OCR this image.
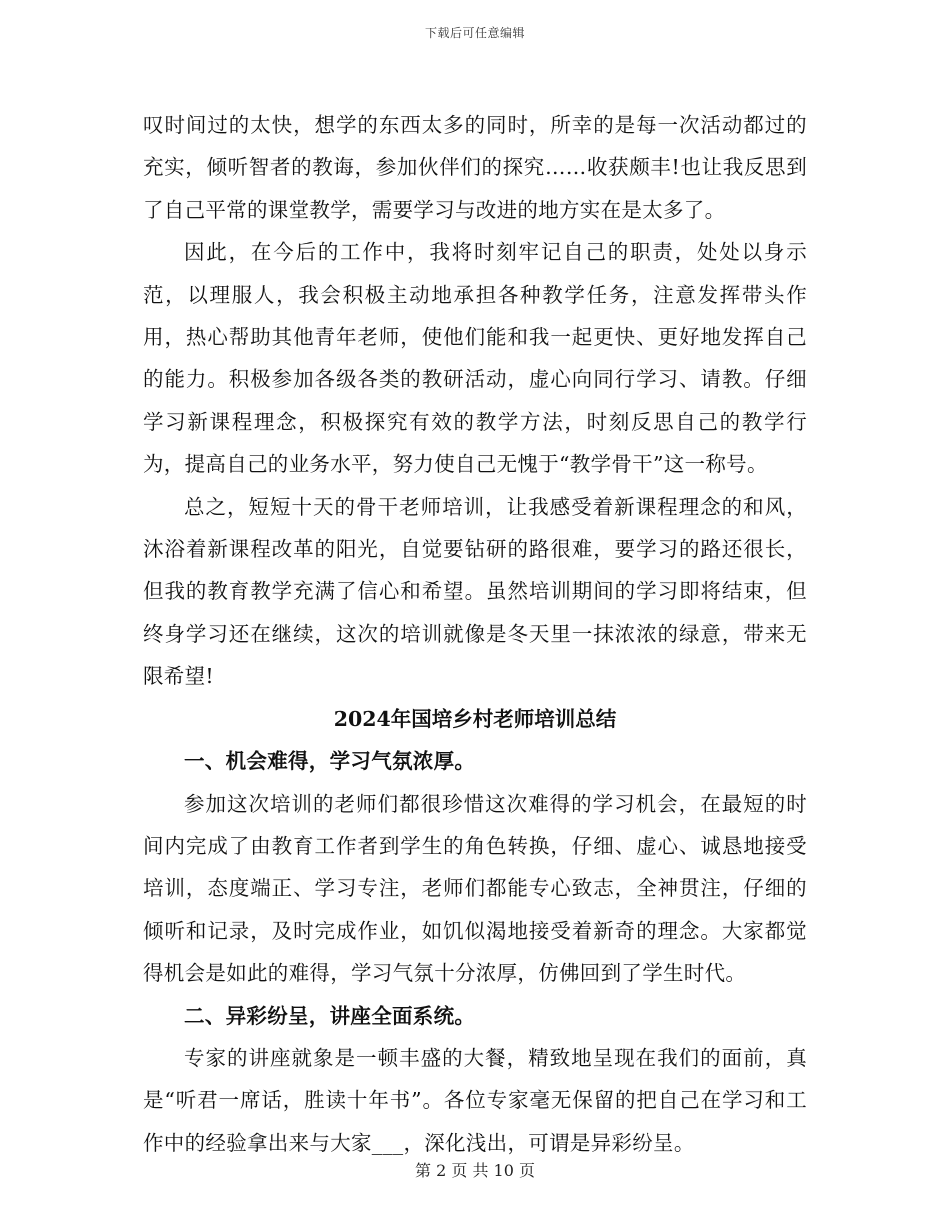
下载后可任意编辑

叹时间过的太快，想学的东西太多的同时，所幸的是每一次活动都过的充实，倾听智者的教诲，参加伙伴们的探究……收获颇丰!也让我反思到了自己平常的课堂教学，需要学习与改进的地方实在是太多了。

因此，在今后的工作中，我将时刻牢记自己的职责，处处以身示范，以理服人，我会积极主动地承担各种教学任务，注意发挥带头作用，热心帮助其他青年老师，使他们能和我一起更快、更好地发挥自己的能力。积极参加各级各类的教研活动，虚心向同行学习、请教。仔细学习新课程理念，积极探究有效的教学方法，时刻反思自己的教学行为，提高自己的业务水平，努力使自己无愧于“教学骨干”这一称号。

总之，短短十天的骨干老师培训，让我感受着新课程理念的和风，沐浴着新课程改革的阳光，自觉要钻研的路很难，要学习的路还很长，但我的教育教学充满了信心和希望。虽然培训期间的学习即将结束，但终身学习还在继续，这次的培训就像是冬天里一抹浓浓的绿意，带来无限希望!

2024年国培乡村老师培训总结

一、机会难得，学习气氛浓厚。

参加这次培训的老师们都很珍惜这次难得的学习机会，在最短的时间内完成了由教育工作者到学生的角色转换，仔细、虚心、诚恳地接受培训，态度端正、学习专注，老师们都能专心致志，全神贯注，仔细的倾听和记录，及时完成作业，如饥似渴地接受着新奇的理念。大家都觉得机会是如此的难得，学习气氛十分浓厚，仿佛回到了学生时代。

二、异彩纷呈，讲座全面系统。

专家的讲座就象是一顿丰盛的大餐，精致地呈现在我们的面前，真是“听君一席话，胜读十年书”。各位专家毫无保留的把自己在学习和工作中的经验拿出来与大家___，深化浅出，可谓是异彩纷呈。

第 2 页 共 10 页
